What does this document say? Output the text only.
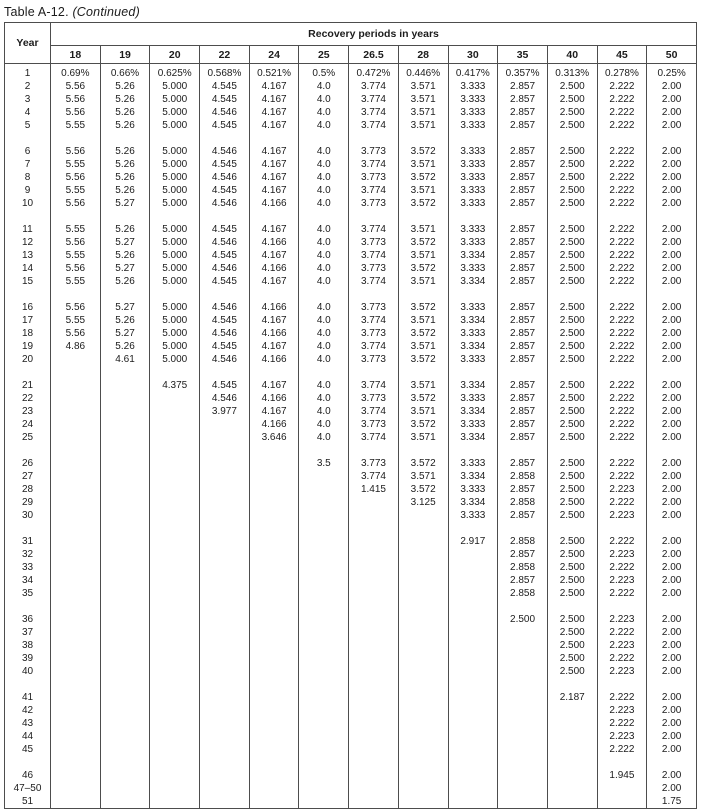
Table A-12. (Continued)
Year	Recovery periods in years												
	18	19	20	22	24	25	26.5	28	30	35	40	45	50
1	0.69%	0.66%	0.625%	0.568%	0.521%	0.5%	0.472%	0.446%	0.417%	0.357%	0.313%	0.278%	0.25%
2	5.56	5.26	5.000	4.545	4.167	4.0	3.774	3.571	3.333	2.857	2.500	2.222	2.00
3	5.56	5.26	5.000	4.545	4.167	4.0	3.774	3.571	3.333	2.857	2.500	2.222	2.00
4	5.56	5.26	5.000	4.546	4.167	4.0	3.774	3.571	3.333	2.857	2.500	2.222	2.00
5	5.55	5.26	5.000	4.545	4.167	4.0	3.774	3.571	3.333	2.857	2.500	2.222	2.00

6	5.56	5.26	5.000	4.546	4.167	4.0	3.773	3.572	3.333	2.857	2.500	2.222	2.00
7	5.55	5.26	5.000	4.545	4.167	4.0	3.774	3.571	3.333	2.857	2.500	2.222	2.00
8	5.56	5.26	5.000	4.546	4.167	4.0	3.773	3.572	3.333	2.857	2.500	2.222	2.00
9	5.55	5.26	5.000	4.545	4.167	4.0	3.774	3.571	3.333	2.857	2.500	2.222	2.00
10	5.56	5.27	5.000	4.546	4.166	4.0	3.773	3.572	3.333	2.857	2.500	2.222	2.00

11	5.55	5.26	5.000	4.545	4.167	4.0	3.774	3.571	3.333	2.857	2.500	2.222	2.00
12	5.56	5.27	5.000	4.546	4.166	4.0	3.773	3.572	3.333	2.857	2.500	2.222	2.00
13	5.55	5.26	5.000	4.545	4.167	4.0	3.774	3.571	3.334	2.857	2.500	2.222	2.00
14	5.56	5.27	5.000	4.546	4.166	4.0	3.773	3.572	3.333	2.857	2.500	2.222	2.00
15	5.55	5.26	5.000	4.545	4.167	4.0	3.774	3.571	3.334	2.857	2.500	2.222	2.00

16	5.56	5.27	5.000	4.546	4.166	4.0	3.773	3.572	3.333	2.857	2.500	2.222	2.00
17	5.55	5.26	5.000	4.545	4.167	4.0	3.774	3.571	3.334	2.857	2.500	2.222	2.00
18	5.56	5.27	5.000	4.546	4.166	4.0	3.773	3.572	3.333	2.857	2.500	2.222	2.00
19	4.86	5.26	5.000	4.545	4.167	4.0	3.774	3.571	3.334	2.857	2.500	2.222	2.00
20		4.61	5.000	4.546	4.166	4.0	3.773	3.572	3.333	2.857	2.500	2.222	2.00

21			4.375	4.545	4.167	4.0	3.774	3.571	3.334	2.857	2.500	2.222	2.00
22				4.546	4.166	4.0	3.773	3.572	3.333	2.857	2.500	2.222	2.00
23				3.977	4.167	4.0	3.774	3.571	3.334	2.857	2.500	2.222	2.00
24					4.166	4.0	3.773	3.572	3.333	2.857	2.500	2.222	2.00
25					3.646	4.0	3.774	3.571	3.334	2.857	2.500	2.222	2.00

26						3.5	3.773	3.572	3.333	2.857	2.500	2.222	2.00
27							3.774	3.571	3.334	2.858	2.500	2.222	2.00
28							1.415	3.572	3.333	2.857	2.500	2.223	2.00
29								3.125	3.334	2.858	2.500	2.222	2.00
30									3.333	2.857	2.500	2.223	2.00

31									2.917	2.858	2.500	2.222	2.00
32										2.857	2.500	2.223	2.00
33										2.858	2.500	2.222	2.00
34										2.857	2.500	2.223	2.00
35										2.858	2.500	2.222	2.00

36										2.500	2.500	2.223	2.00
37											2.500	2.222	2.00
38											2.500	2.223	2.00
39											2.500	2.222	2.00
40											2.500	2.223	2.00

41											2.187	2.222	2.00
42												2.223	2.00
43												2.222	2.00
44												2.223	2.00
45												2.222	2.00

46												1.945	2.00
47–50													2.00
51													1.75
